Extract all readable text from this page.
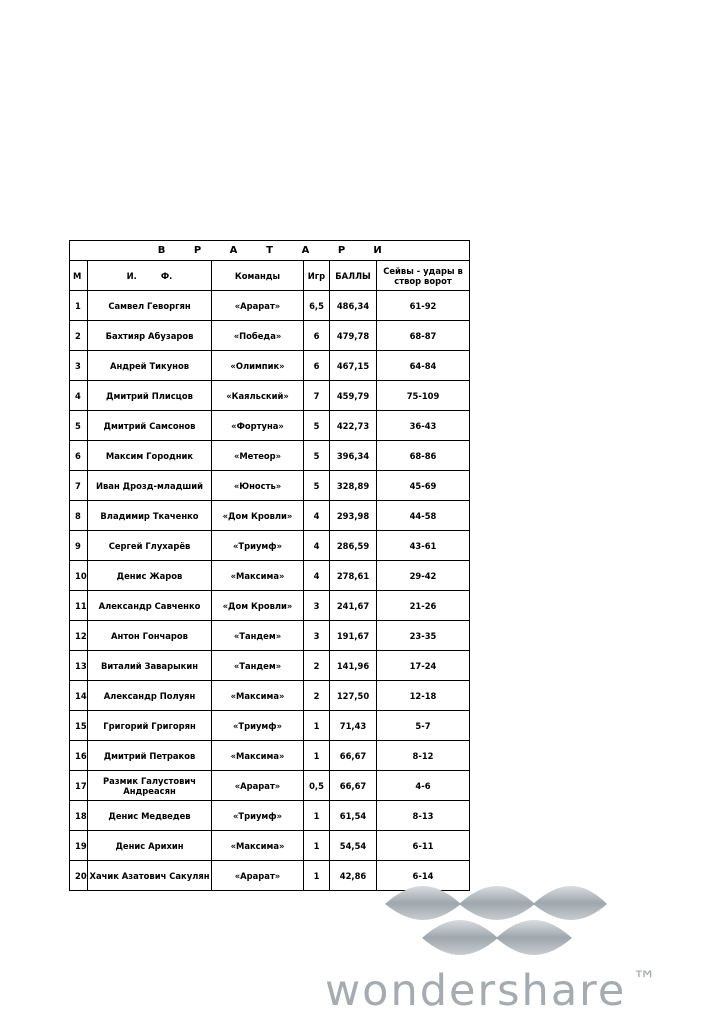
В Р А Т А Р И					
М	И. Ф.	Команды	Игр	БАЛЛЫ	Сейвы - удары в створ ворот
1	Самвел Геворгян	«Арарат»	6,5	486,34	61-92
2	Бахтияр Абузаров	«Победа»	6	479,78	68-87
3	Андрей Тикунов	«Олимпик»	6	467,15	64-84
4	Дмитрий Плисцов	«Каяльский»	7	459,79	75-109
5	Дмитрий Самсонов	«Фортуна»	5	422,73	36-43
6	Максим Городник	«Метеор»	5	396,34	68-86
7	Иван Дрозд-младший	«Юность»	5	328,89	45-69
8	Владимир Ткаченко	«Дом Кровли»	4	293,98	44-58
9	Сергей Глухарёв	«Триумф»	4	286,59	43-61
10	Денис Жаров	«Максима»	4	278,61	29-42
11	Александр Савченко	«Дом Кровли»	3	241,67	21-26
12	Антон Гончаров	«Тандем»	3	191,67	23-35
13	Виталий Заварыкин	«Тандем»	2	141,96	17-24
14	Александр Полуян	«Максима»	2	127,50	12-18
15	Григорий Григорян	«Триумф»	1	71,43	5-7
16	Дмитрий Петраков	«Максима»	1	66,67	8-12
17	Размик Галустович Андреасян	«Арарат»	0,5	66,67	4-6
18	Денис Медведев	«Триумф»	1	61,54	8-13
19	Денис Арихин	«Максима»	1	54,54	6-11
20	Хачик Азатович Сакулян	«Арарат»	1	42,86	6-14
wondershare ™
